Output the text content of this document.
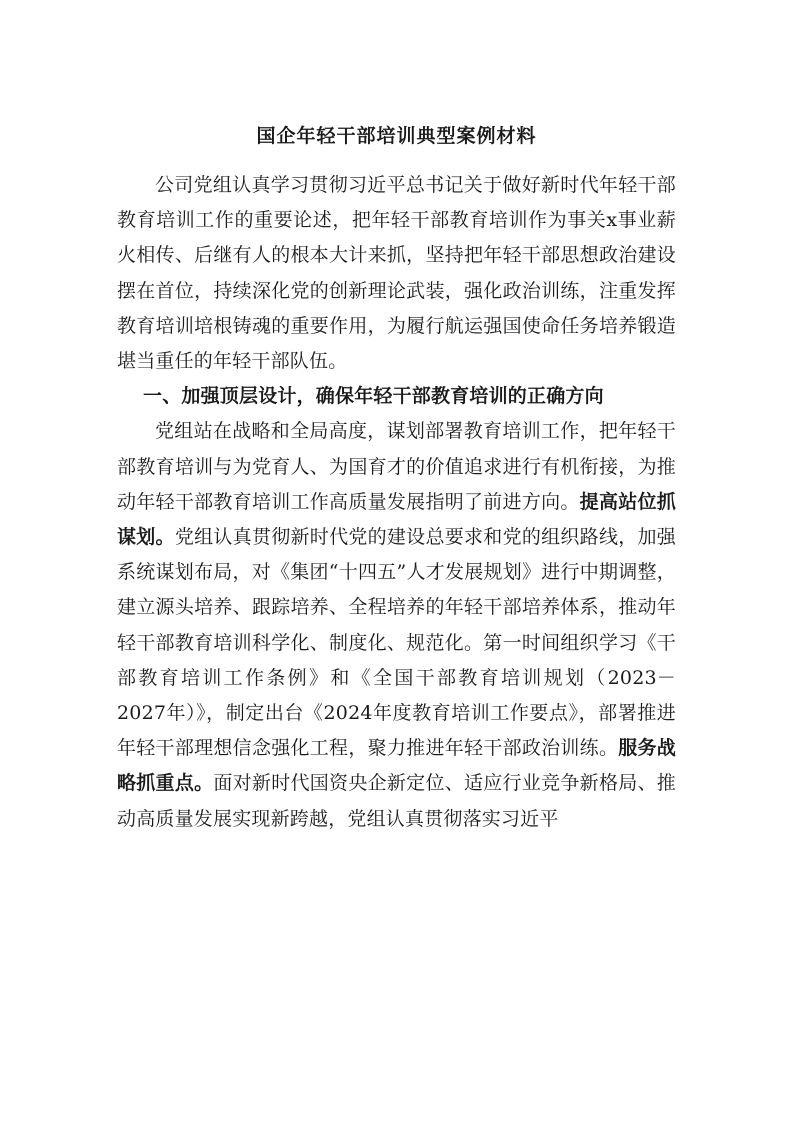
国企年轻干部培训典型案例材料

公司党组认真学习贯彻习近平总书记关于做好新时代年轻干部教育培训工作的重要论述，把年轻干部教育培训作为事关x事业薪火相传、后继有人的根本大计来抓，坚持把年轻干部思想政治建设摆在首位，持续深化党的创新理论武装，强化政治训练，注重发挥教育培训培根铸魂的重要作用，为履行航运强国使命任务培养锻造堪当重任的年轻干部队伍。

一、加强顶层设计，确保年轻干部教育培训的正确方向

党组站在战略和全局高度，谋划部署教育培训工作，把年轻干部教育培训与为党育人、为国育才的价值追求进行有机衔接，为推动年轻干部教育培训工作高质量发展指明了前进方向。提高站位抓谋划。党组认真贯彻新时代党的建设总要求和党的组织路线，加强系统谋划布局，对《集团“十四五”人才发展规划》进行中期调整，建立源头培养、跟踪培养、全程培养的年轻干部培养体系，推动年轻干部教育培训科学化、制度化、规范化。第一时间组织学习《干部教育培训工作条例》和《全国干部教育培训规划（2023－2027年）》，制定出台《2024年度教育培训工作要点》，部署推进年轻干部理想信念强化工程，聚力推进年轻干部政治训练。服务战略抓重点。面对新时代国资央企新定位、适应行业竞争新格局、推动高质量发展实现新跨越，党组认真贯彻落实习近平
